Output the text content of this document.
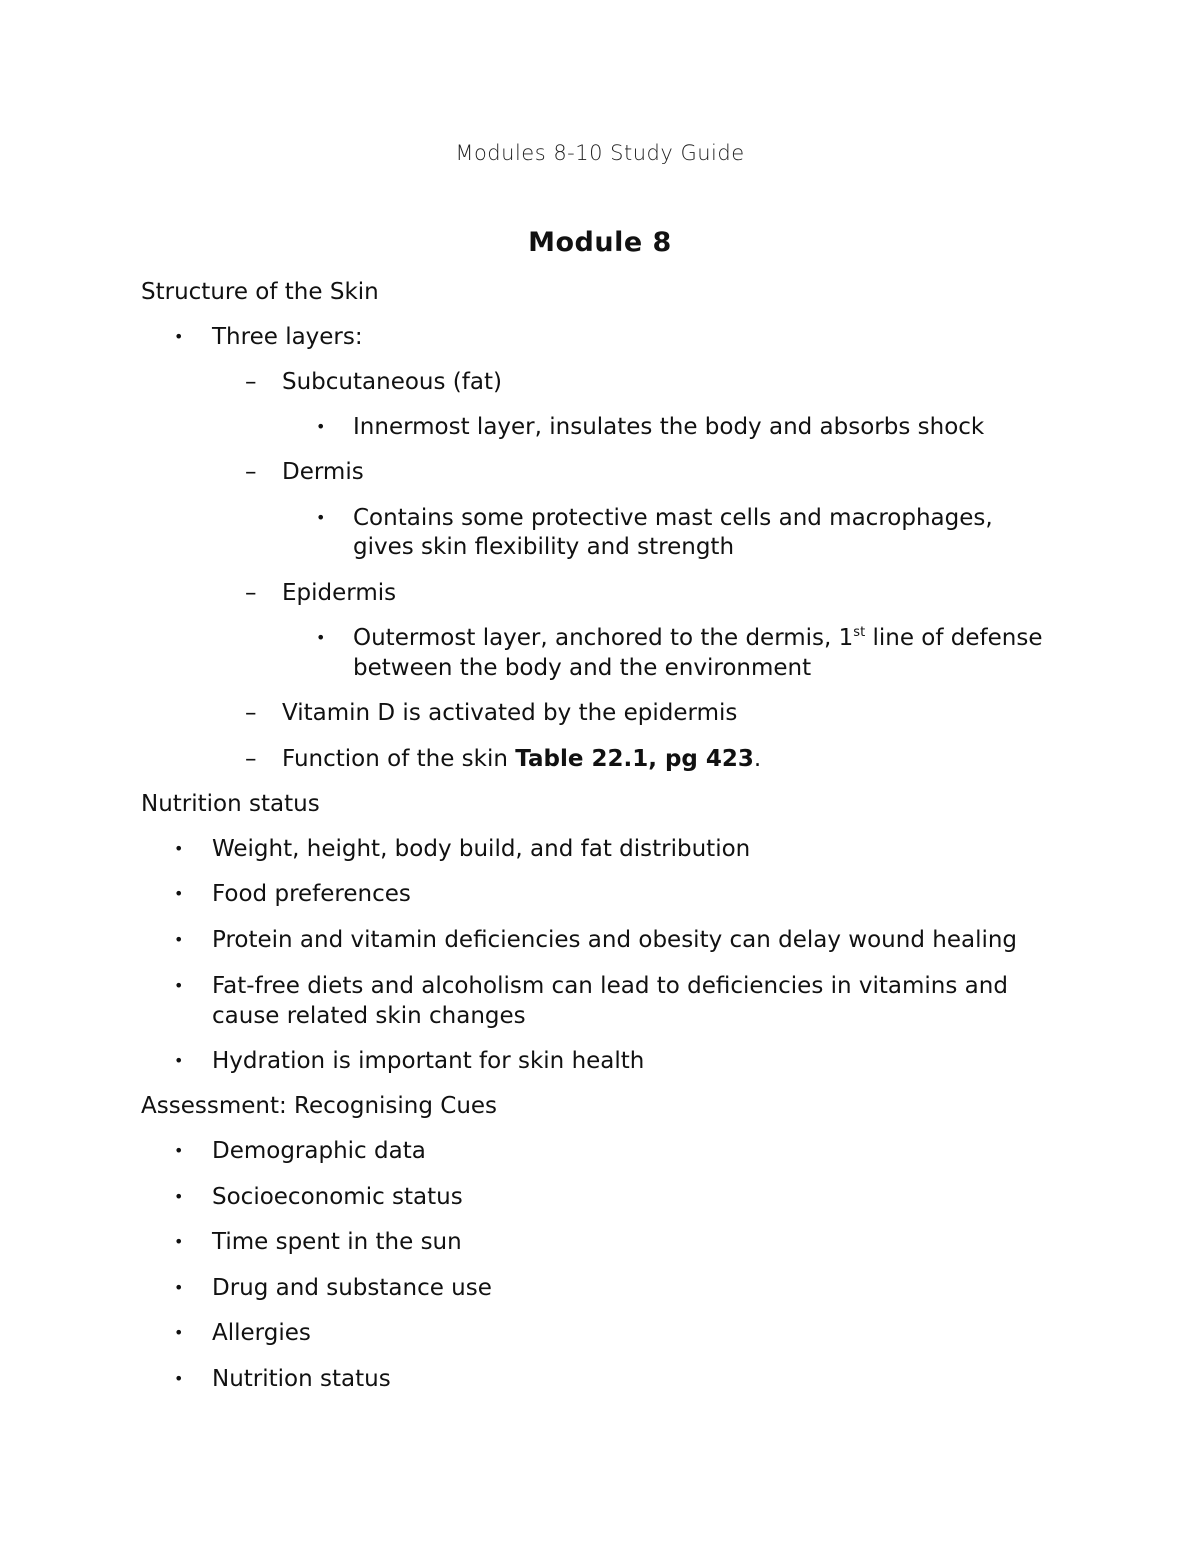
Modules 8-10 Study Guide
Module 8
Structure of the Skin
• Three layers:
– Subcutaneous (fat)
• Innermost layer, insulates the body and absorbs shock
– Dermis
• Contains some protective mast cells and macrophages,
gives skin flexibility and strength
– Epidermis
• Outermost layer, anchored to the dermis, 1st line of defense
between the body and the environment
– Vitamin D is activated by the epidermis
– Function of the skin Table 22.1, pg 423.
Nutrition status
• Weight, height, body build, and fat distribution
• Food preferences
• Protein and vitamin deficiencies and obesity can delay wound healing
• Fat-free diets and alcoholism can lead to deficiencies in vitamins and
cause related skin changes
• Hydration is important for skin health
Assessment: Recognising Cues
• Demographic data
• Socioeconomic status
• Time spent in the sun
• Drug and substance use
• Allergies
• Nutrition status
